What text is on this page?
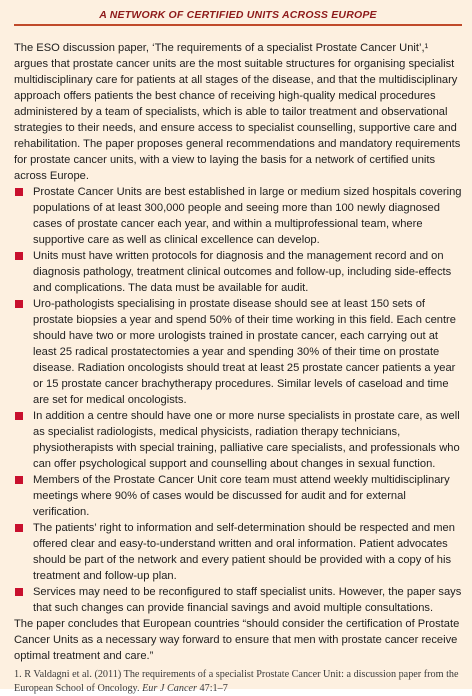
A NETWORK OF CERTIFIED UNITS ACROSS EUROPE

The ESO discussion paper, ‘The requirements of a specialist Prostate Cancer Unit’,¹ argues that prostate cancer units are the most suitable structures for organising specialist multidisciplinary care for patients at all stages of the disease, and that the multidisciplinary approach offers patients the best chance of receiving high-quality medical procedures administered by a team of specialists, which is able to tailor treatment and observational strategies to their needs, and ensure access to specialist counselling, supportive care and rehabilitation. The paper proposes general recommendations and mandatory requirements for prostate cancer units, with a view to laying the basis for a network of certified units across Europe.

Prostate Cancer Units are best established in large or medium sized hospitals covering populations of at least 300,000 people and seeing more than 100 newly diagnosed cases of prostate cancer each year, and within a multiprofessional team, where supportive care as well as clinical excellence can develop.
Units must have written protocols for diagnosis and the management record and on diagnosis pathology, treatment clinical outcomes and follow-up, including side-effects and complications. The data must be available for audit.
Uro-pathologists specialising in prostate disease should see at least 150 sets of prostate biopsies a year and spend 50% of their time working in this field. Each centre should have two or more urologists trained in prostate cancer, each carrying out at least 25 radical prostatectomies a year and spending 30% of their time on prostate disease. Radiation oncologists should treat at least 25 prostate cancer patients a year or 15 prostate cancer brachytherapy procedures. Similar levels of caseload and time are set for medical oncologists.
In addition a centre should have one or more nurse specialists in prostate care, as well as specialist radiologists, medical physicists, radiation therapy technicians, physiotherapists with special training, palliative care specialists, and professionals who can offer psychological support and counselling about changes in sexual function.
Members of the Prostate Cancer Unit core team must attend weekly multidisciplinary meetings where 90% of cases would be discussed for audit and for external verification.
The patients’ right to information and self-determination should be respected and men offered clear and easy-to-understand written and oral information. Patient advocates should be part of the network and every patient should be provided with a copy of his treatment and follow-up plan.
Services may need to be reconfigured to staff specialist units. However, the paper says that such changes can provide financial savings and avoid multiple consultations.

The paper concludes that European countries “should consider the certification of Prostate Cancer Units as a necessary way forward to ensure that men with prostate cancer receive optimal treatment and care.”

1. R Valdagni et al. (2011) The requirements of a specialist Prostate Cancer Unit: a discussion paper from the European School of Oncology. Eur J Cancer 47:1–7
